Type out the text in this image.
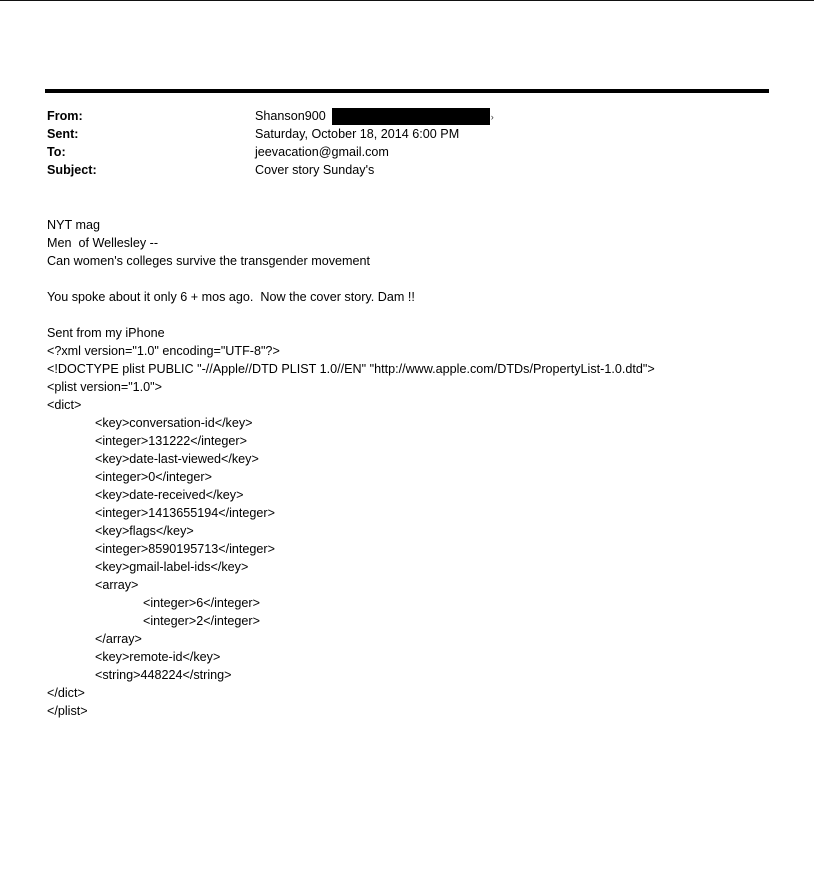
From:	Shanson900	›
Sent:	Saturday, October 18, 2014 6:00 PM
To:	jeevacation@gmail.com
Subject:	Cover story Sunday's
NYT mag
Men  of Wellesley --
Can women's colleges survive the transgender movement
You spoke about it only 6 + mos ago.  Now the cover story. Dam !!
Sent from my iPhone
<?xml version="1.0" encoding="UTF-8"?>
<!DOCTYPE plist PUBLIC "-//Apple//DTD PLIST 1.0//EN" "http://www.apple.com/DTDs/PropertyList-1.0.dtd">
<plist version="1.0">
<dict>
<key>conversation-id</key>
<integer>131222</integer>
<key>date-last-viewed</key>
<integer>0</integer>
<key>date-received</key>
<integer>1413655194</integer>
<key>flags</key>
<integer>8590195713</integer>
<key>gmail-label-ids</key>
<array>
<integer>6</integer>
<integer>2</integer>
</array>
<key>remote-id</key>
<string>448224</string>
</dict>
</plist>
